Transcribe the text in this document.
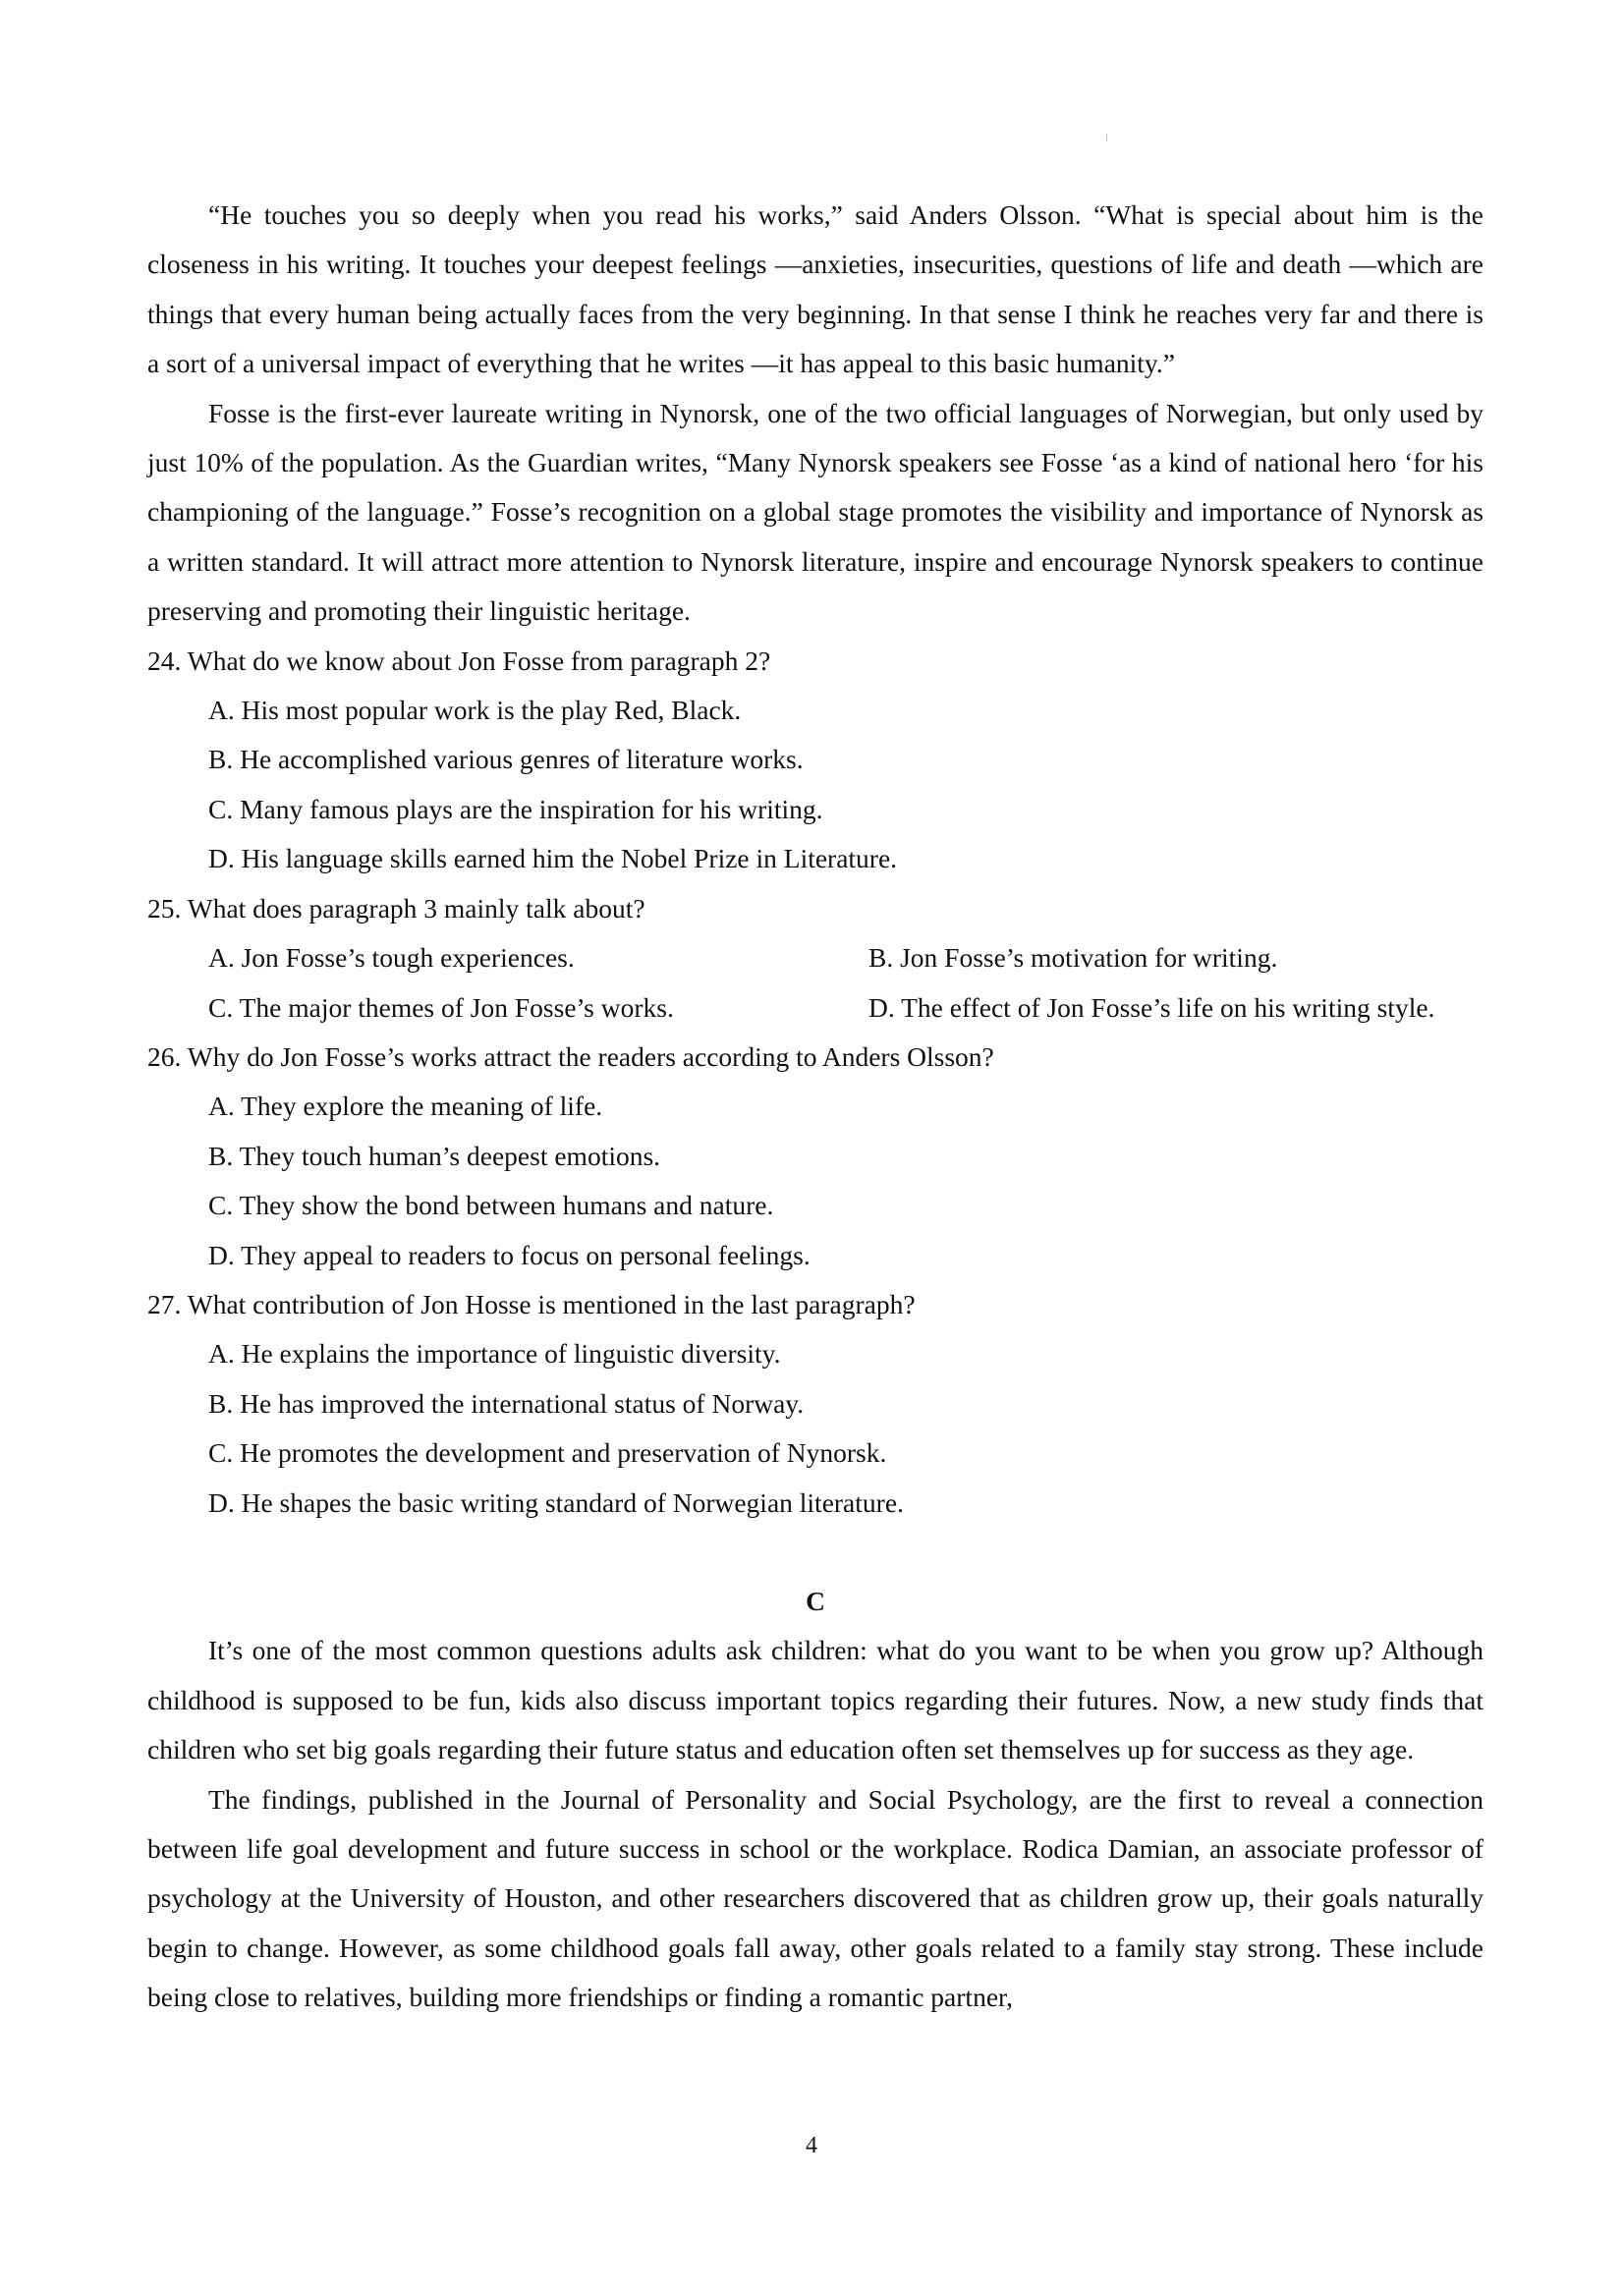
“He touches you so deeply when you read his works,” said Anders Olsson. “What is special about him is the closeness in his writing. It touches your deepest feelings —anxieties, insecurities, questions of life and death —which are things that every human being actually faces from the very beginning. In that sense I think he reaches very far and there is a sort of a universal impact of everything that he writes —it has appeal to this basic humanity.”

Fosse is the first-ever laureate writing in Nynorsk, one of the two official languages of Norwegian, but only used by just 10% of the population. As the Guardian writes, “Many Nynorsk speakers see Fosse ‘as a kind of national hero ‘for his championing of the language.” Fosse’s recognition on a global stage promotes the visibility and importance of Nynorsk as a written standard. It will attract more attention to Nynorsk literature, inspire and encourage Nynorsk speakers to continue preserving and promoting their linguistic heritage.

24. What do we know about Jon Fosse from paragraph 2?

A. His most popular work is the play Red, Black.

B. He accomplished various genres of literature works.

C. Many famous plays are the inspiration for his writing.

D. His language skills earned him the Nobel Prize in Literature.

25. What does paragraph 3 mainly talk about?

A. Jon Fosse’s tough experiences.	B. Jon Fosse’s motivation for writing.
C. The major themes of Jon Fosse’s works.	D. The effect of Jon Fosse’s life on his writing style.

26. Why do Jon Fosse’s works attract the readers according to Anders Olsson?

A. They explore the meaning of life.

B. They touch human’s deepest emotions.

C. They show the bond between humans and nature.

D. They appeal to readers to focus on personal feelings.

27. What contribution of Jon Hosse is mentioned in the last paragraph?

A. He explains the importance of linguistic diversity.

B. He has improved the international status of Norway.

C. He promotes the development and preservation of Nynorsk.

D. He shapes the basic writing standard of Norwegian literature.

C

It’s one of the most common questions adults ask children: what do you want to be when you grow up? Although childhood is supposed to be fun, kids also discuss important topics regarding their futures. Now, a new study finds that children who set big goals regarding their future status and education often set themselves up for success as they age.

The findings, published in the Journal of Personality and Social Psychology, are the first to reveal a connection between life goal development and future success in school or the workplace. Rodica Damian, an associate professor of psychology at the University of Houston, and other researchers discovered that as children grow up, their goals naturally begin to change. However, as some childhood goals fall away, other goals related to a family stay strong. These include being close to relatives, building more friendships or finding a romantic partner,

4
